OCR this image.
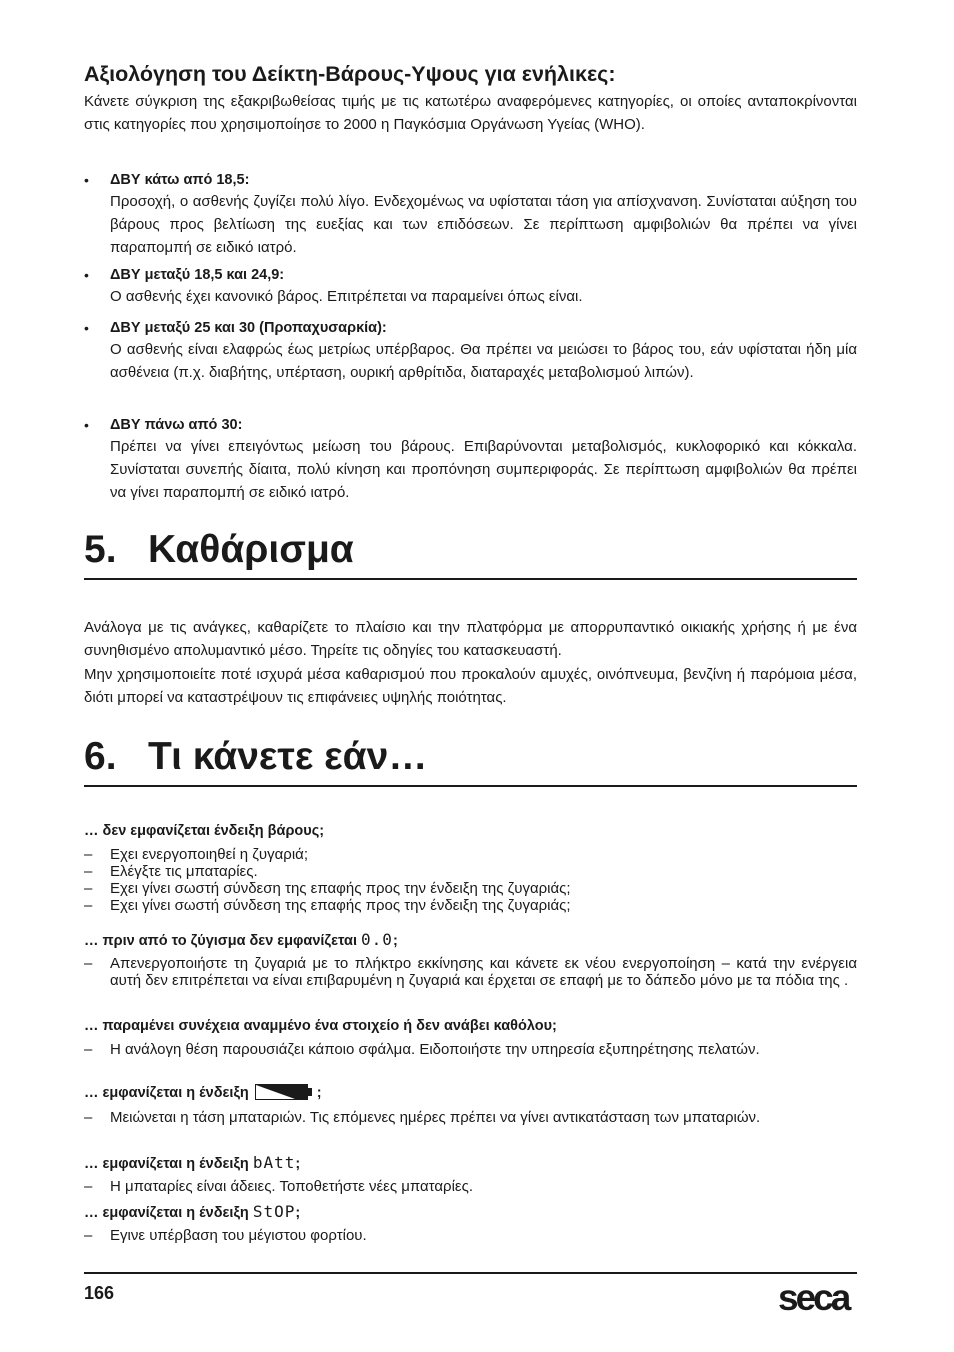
Αξιολόγηση του Δείκτη-Βάρους-Υψους για ενήλικες:

Κάνετε σύγκριση της εξακριβωθείσας τιμής με τις κατωτέρω αναφερόμενες κατηγορίες, οι οποίες ανταποκρίνονται στις κατηγορίες που χρησιμοποίησε το 2000 η Παγκόσμια Οργάνωση Υγείας (WHO).

• ΔΒΥ κάτω από 18,5:

Προσοχή, ο ασθενής ζυγίζει πολύ λίγο. Ενδεχομένως να υφίσταται τάση για απίσχνανση. Συνίσταται αύξηση του βάρους προς βελτίωση της ευεξίας και των επιδόσεων. Σε περίπτωση αμφιβολιών θα πρέπει να γίνει παραπομπή σε ειδικό ιατρό.

• ΔΒΥ μεταξύ 18,5 και 24,9:

Ο ασθενής έχει κανονικό βάρος. Επιτρέπεται να παραμείνει όπως είναι.

• ΔΒΥ μεταξύ 25 και 30 (Προπαχυσαρκία):

Ο ασθενής είναι ελαφρώς έως μετρίως υπέρβαρος. Θα πρέπει να μειώσει το βάρος του, εάν υφίσταται ήδη μία ασθένεια (π.χ. διαβήτης, υπέρταση, ουρική αρθρίτιδα, διαταραχές μεταβολισμού λιπών).

• ΔΒΥ πάνω από 30:

Πρέπει να γίνει επειγόντως μείωση του βάρους. Επιβαρύνονται μεταβολισμός, κυκλοφορικό και κόκκαλα. Συνίσταται συνεπής δίαιτα, πολύ κίνηση και προπόνηση συμπεριφοράς. Σε περίπτωση αμφιβολιών θα πρέπει να γίνει παραπομπή σε ειδικό ιατρό.

5. Καθάρισμα

Ανάλογα με τις ανάγκες, καθαρίζετε το πλαίσιο και την πλατφόρμα με απορρυπαντικό οικιακής χρήσης ή με ένα συνηθισμένο απολυμαντικό μέσο. Τηρείτε τις οδηγίες του κατασκευαστή.

Μην χρησιμοποιείτε ποτέ ισχυρά μέσα καθαρισμού που προκαλούν αμυχές, οινόπνευμα, βενζίνη ή παρόμοια μέσα, διότι μπορεί να καταστρέψουν τις επιφάνειες υψηλής ποιότητας.

6. Τι κάνετε εάν…

… δεν εμφανίζεται ένδειξη βάρους;

– Εχει ενεργοποιηθεί η ζυγαριά;
– Ελέγξτε τις μπαταρίες.
– Εχει γίνει σωστή σύνδεση της επαφής προς την ένδειξη της ζυγαριάς;
– Εχει γίνει σωστή σύνδεση της επαφής προς την ένδειξη της ζυγαριάς;

… πριν από το ζύγισμα δεν εμφανίζεται 0.0;

– Απενεργοποιήστε τη ζυγαριά με το πλήκτρο εκκίνησης και κάνετε εκ νέου ενεργοποίηση – κατά την ενέργεια αυτή δεν επιτρέπεται να είναι επιβαρυμένη η ζυγαριά και έρχεται σε επαφή με το δάπεδο μόνο με τα πόδια της .

… παραμένει συνέχεια αναμμένο ένα στοιχείο ή δεν ανάβει καθόλου;

– Η ανάλογη θέση παρουσιάζει κάποιο σφάλμα. Ειδοποιήστε την υπηρεσία εξυπηρέτησης πελατών.

… εμφανίζεται η ένδειξη	;

– Μειώνεται η τάση μπαταριών. Τις επόμενες ημέρες πρέπει να γίνει αντικατάσταση των μπαταριών.

… εμφανίζεται η ένδειξη bAtt;

– Η μπαταρίες είναι άδειες. Τοποθετήστε νέες μπαταρίες.

… εμφανίζεται η ένδειξη StOP;

– Εγινε υπέρβαση του μέγιστου φορτίου.

166	seca
